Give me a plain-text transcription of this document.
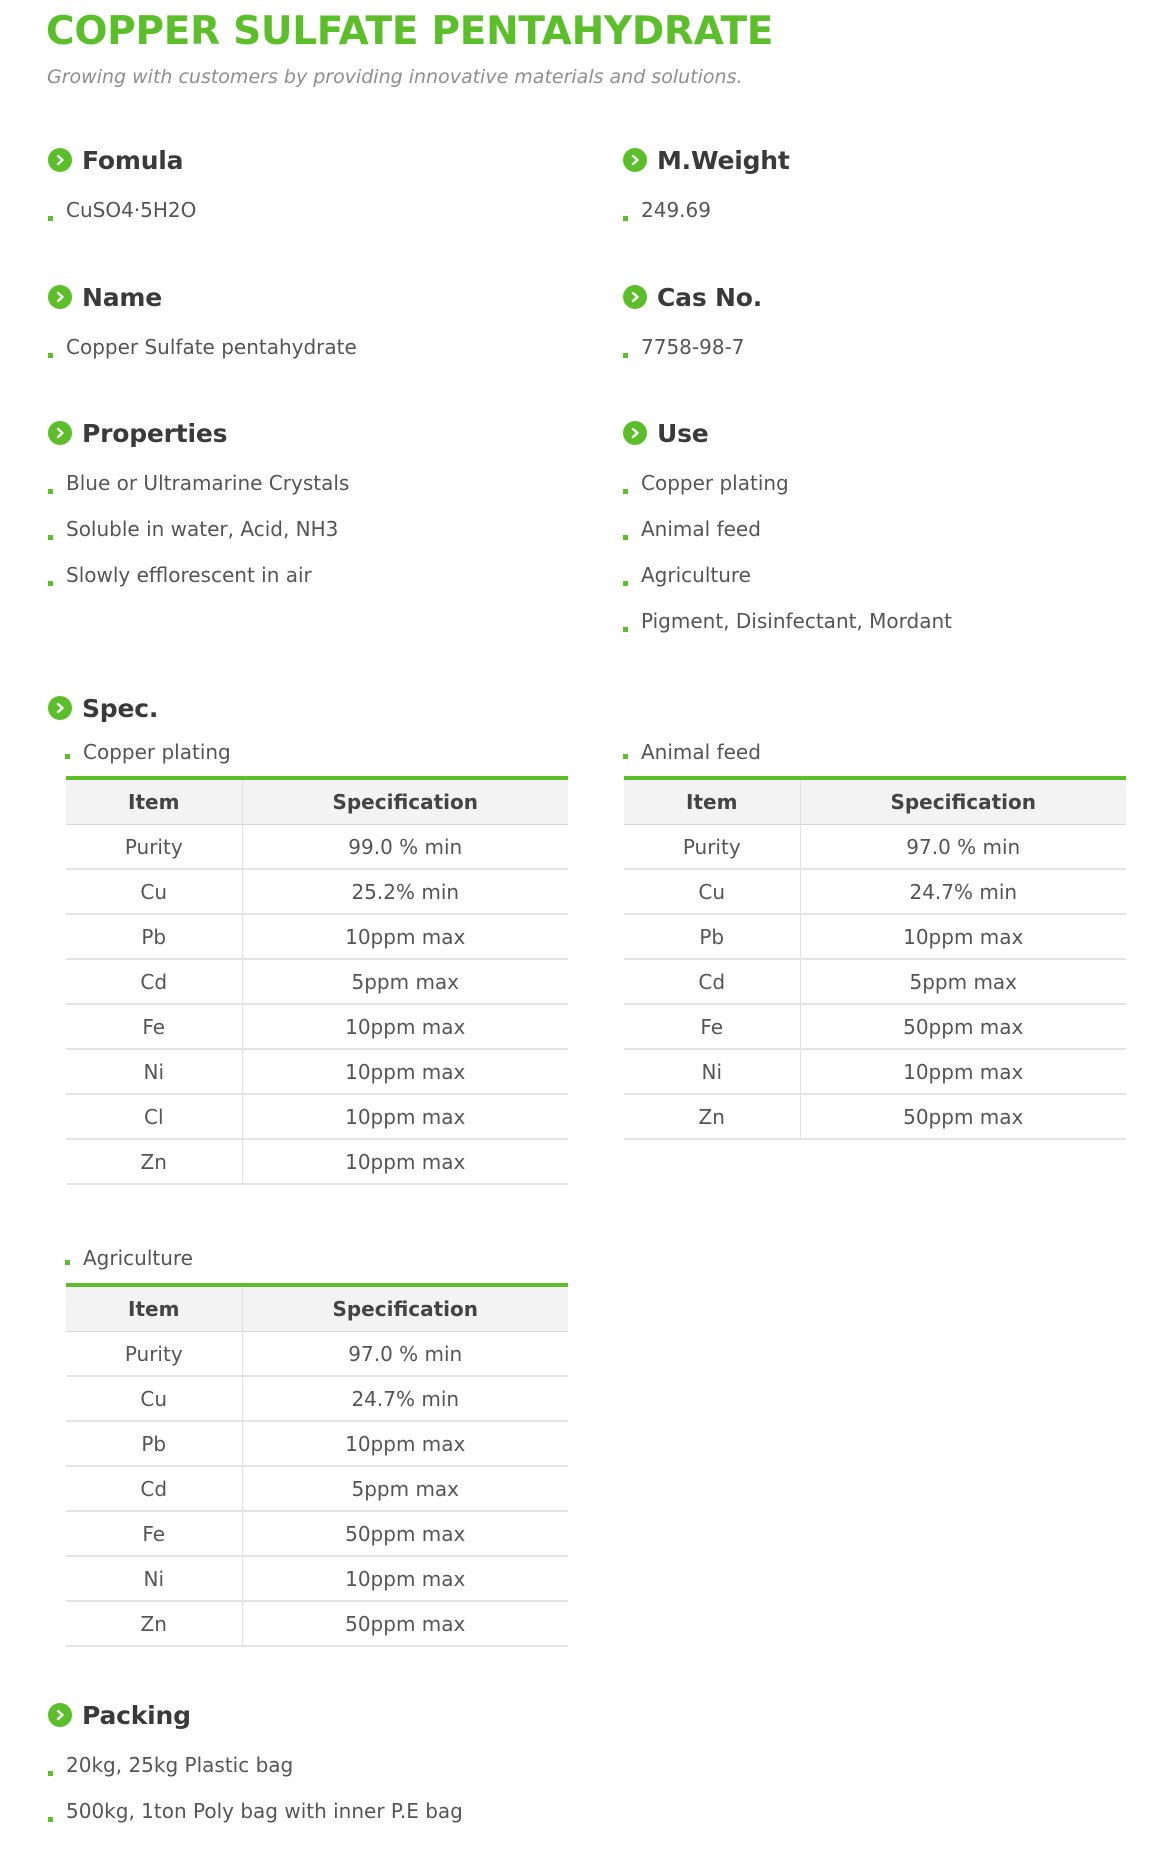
COPPER SULFATE PENTAHYDRATE

Growing with customers by providing innovative materials and solutions.

Fomula
CuSO4·5H2O
M.Weight
249.69
Name
Copper Sulfate pentahydrate
Cas No.
7758-98-7
Properties
Blue or Ultramarine Crystals
Soluble in water, Acid, NH3
Slowly efflorescent in air
Use
Copper plating
Animal feed
Agriculture
Pigment, Disinfectant, Mordant
Spec.
Copper plating
Item	Specification
Purity	99.0 % min
Cu	25.2% min
Pb	10ppm max
Cd	5ppm max
Fe	10ppm max
Ni	10ppm max
Cl	10ppm max
Zn	10ppm max
Animal feed
Item	Specification
Purity	97.0 % min
Cu	24.7% min
Pb	10ppm max
Cd	5ppm max
Fe	50ppm max
Ni	10ppm max
Zn	50ppm max
Agriculture
Item	Specification
Purity	97.0 % min
Cu	24.7% min
Pb	10ppm max
Cd	5ppm max
Fe	50ppm max
Ni	10ppm max
Zn	50ppm max
Packing
20kg, 25kg Plastic bag
500kg, 1ton Poly bag with inner P.E bag
